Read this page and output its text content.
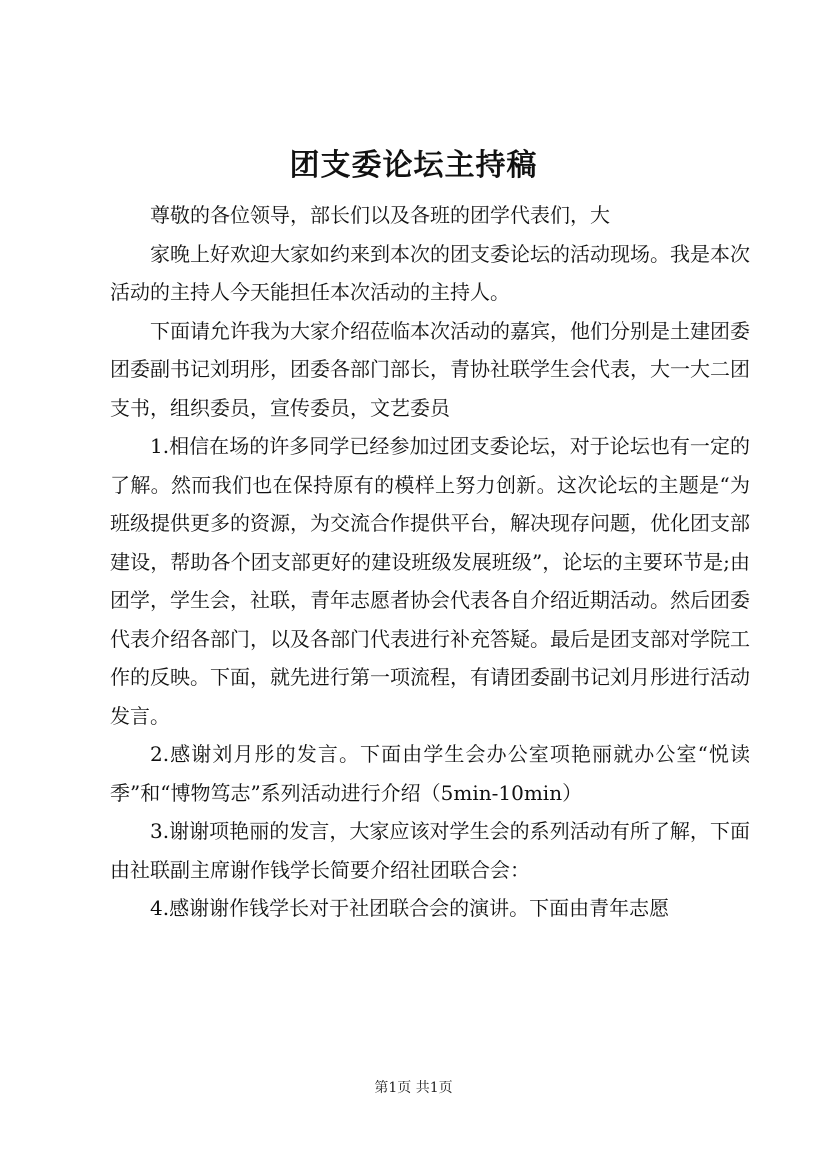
团支委论坛主持稿

尊敬的各位领导，部长们以及各班的团学代表们，大

家晚上好欢迎大家如约来到本次的团支委论坛的活动现场。我是本次活动的主持人今天能担任本次活动的主持人。

下面请允许我为大家介绍莅临本次活动的嘉宾，他们分别是土建团委团委副书记刘玥彤，团委各部门部长，青协社联学生会代表，大一大二团支书，组织委员，宣传委员，文艺委员

1.相信在场的许多同学已经参加过团支委论坛，对于论坛也有一定的了解。然而我们也在保持原有的模样上努力创新。这次论坛的主题是“为班级提供更多的资源，为交流合作提供平台，解决现存问题，优化团支部建设，帮助各个团支部更好的建设班级发展班级”，论坛的主要环节是;由团学，学生会，社联，青年志愿者协会代表各自介绍近期活动。然后团委代表介绍各部门，以及各部门代表进行补充答疑。最后是团支部对学院工作的反映。下面，就先进行第一项流程，有请团委副书记刘月彤进行活动发言。

2.感谢刘月彤的发言。下面由学生会办公室项艳丽就办公室“悦读季”和“博物笃志”系列活动进行介绍（5min-10min）

3.谢谢项艳丽的发言，大家应该对学生会的系列活动有所了解，下面由社联副主席谢作钱学长简要介绍社团联合会：

4.感谢谢作钱学长对于社团联合会的演讲。下面由青年志愿

第1页 共1页
